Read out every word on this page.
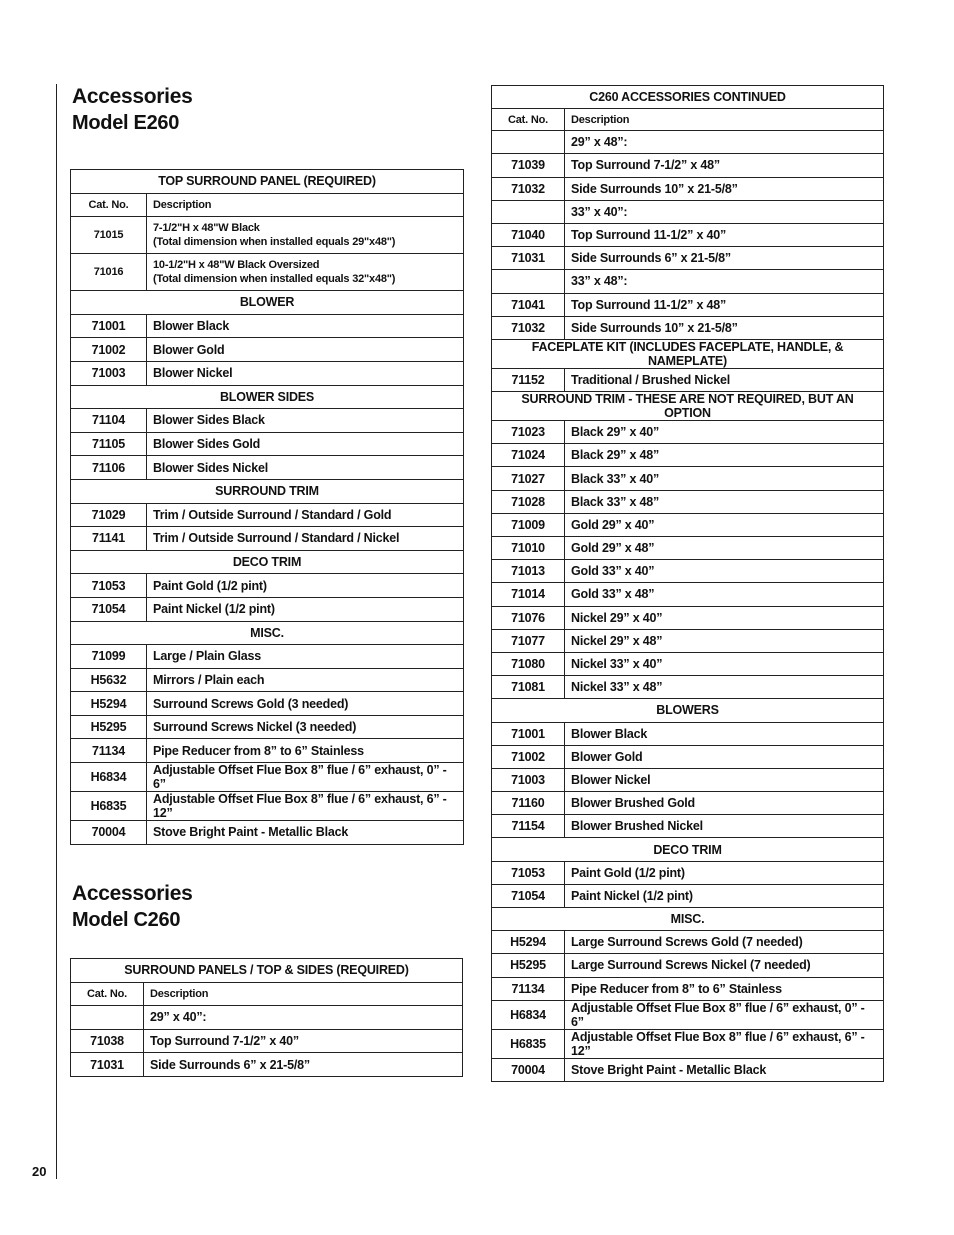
Accessories
Model E260
TOP SURROUND PANEL (REQUIRED)	
Cat. No.	Description
71015	7-1/2"H x 48"W Black
(Total dimension when installed equals 29"x48")

71016	10-1/2"H x 48"W Black Oversized
(Total dimension when installed equals 32"x48")

BLOWER	
71001	Blower Black
71002	Blower Gold
71003	Blower Nickel
BLOWER SIDES	
71104	Blower Sides Black
71105	Blower Sides Gold
71106	Blower Sides Nickel
SURROUND TRIM	
71029	Trim / Outside Surround / Standard / Gold
71141	Trim / Outside Surround / Standard / Nickel
DECO TRIM	
71053	Paint Gold (1/2 pint)
71054	Paint Nickel (1/2 pint)
MISC.	
71099	Large / Plain Glass
H5632	Mirrors / Plain each
H5294	Surround Screws Gold (3 needed)
H5295	Surround Screws Nickel (3 needed)
71134	Pipe Reducer from 8” to 6” Stainless
H6834	Adjustable Offset Flue Box 8” flue / 6” exhaust, 0” - 6”
H6835	Adjustable Offset Flue Box 8” flue / 6” exhaust, 6” - 12”
70004	Stove Bright Paint - Metallic Black
Accessories
Model C260
SURROUND PANELS / TOP & SIDES (REQUIRED)	
Cat. No.	Description
	29” x 40”:
71038	Top Surround 7-1/2” x 40”
71031	Side Surrounds 6” x 21-5/8”
C260 ACCESSORIES CONTINUED	
Cat. No.	Description
	29” x 48”:
71039	Top Surround 7-1/2” x 48”
71032	Side Surrounds 10” x 21-5/8”
	33” x 40”:
71040	Top Surround 11-1/2” x 40”
71031	Side Surrounds 6” x 21-5/8”
	33” x 48”:
71041	Top Surround 11-1/2” x 48”
71032	Side Surrounds 10” x 21-5/8”
FACEPLATE KIT (INCLUDES FACEPLATE, HANDLE, & NAMEPLATE)	
71152	Traditional / Brushed Nickel
SURROUND TRIM - THESE ARE NOT REQUIRED, BUT AN OPTION	
71023	Black 29” x 40”
71024	Black 29” x 48”
71027	Black 33” x 40”
71028	Black 33” x 48”
71009	Gold 29” x 40”
71010	Gold 29” x 48”
71013	Gold 33” x 40”
71014	Gold 33” x 48”
71076	Nickel 29” x 40”
71077	Nickel 29” x 48”
71080	Nickel 33” x 40”
71081	Nickel 33” x 48”
BLOWERS	
71001	Blower Black
71002	Blower Gold
71003	Blower Nickel
71160	Blower Brushed Gold
71154	Blower Brushed Nickel
DECO TRIM	
71053	Paint Gold (1/2 pint)
71054	Paint Nickel (1/2 pint)
MISC.	
H5294	Large Surround Screws Gold (7 needed)
H5295	Large Surround Screws Nickel (7 needed)
71134	Pipe Reducer from 8” to 6” Stainless
H6834	Adjustable Offset Flue Box 8” flue / 6” exhaust, 0” - 6”
H6835	Adjustable Offset Flue Box 8” flue / 6” exhaust, 6” - 12”
70004	Stove Bright Paint - Metallic Black
20
